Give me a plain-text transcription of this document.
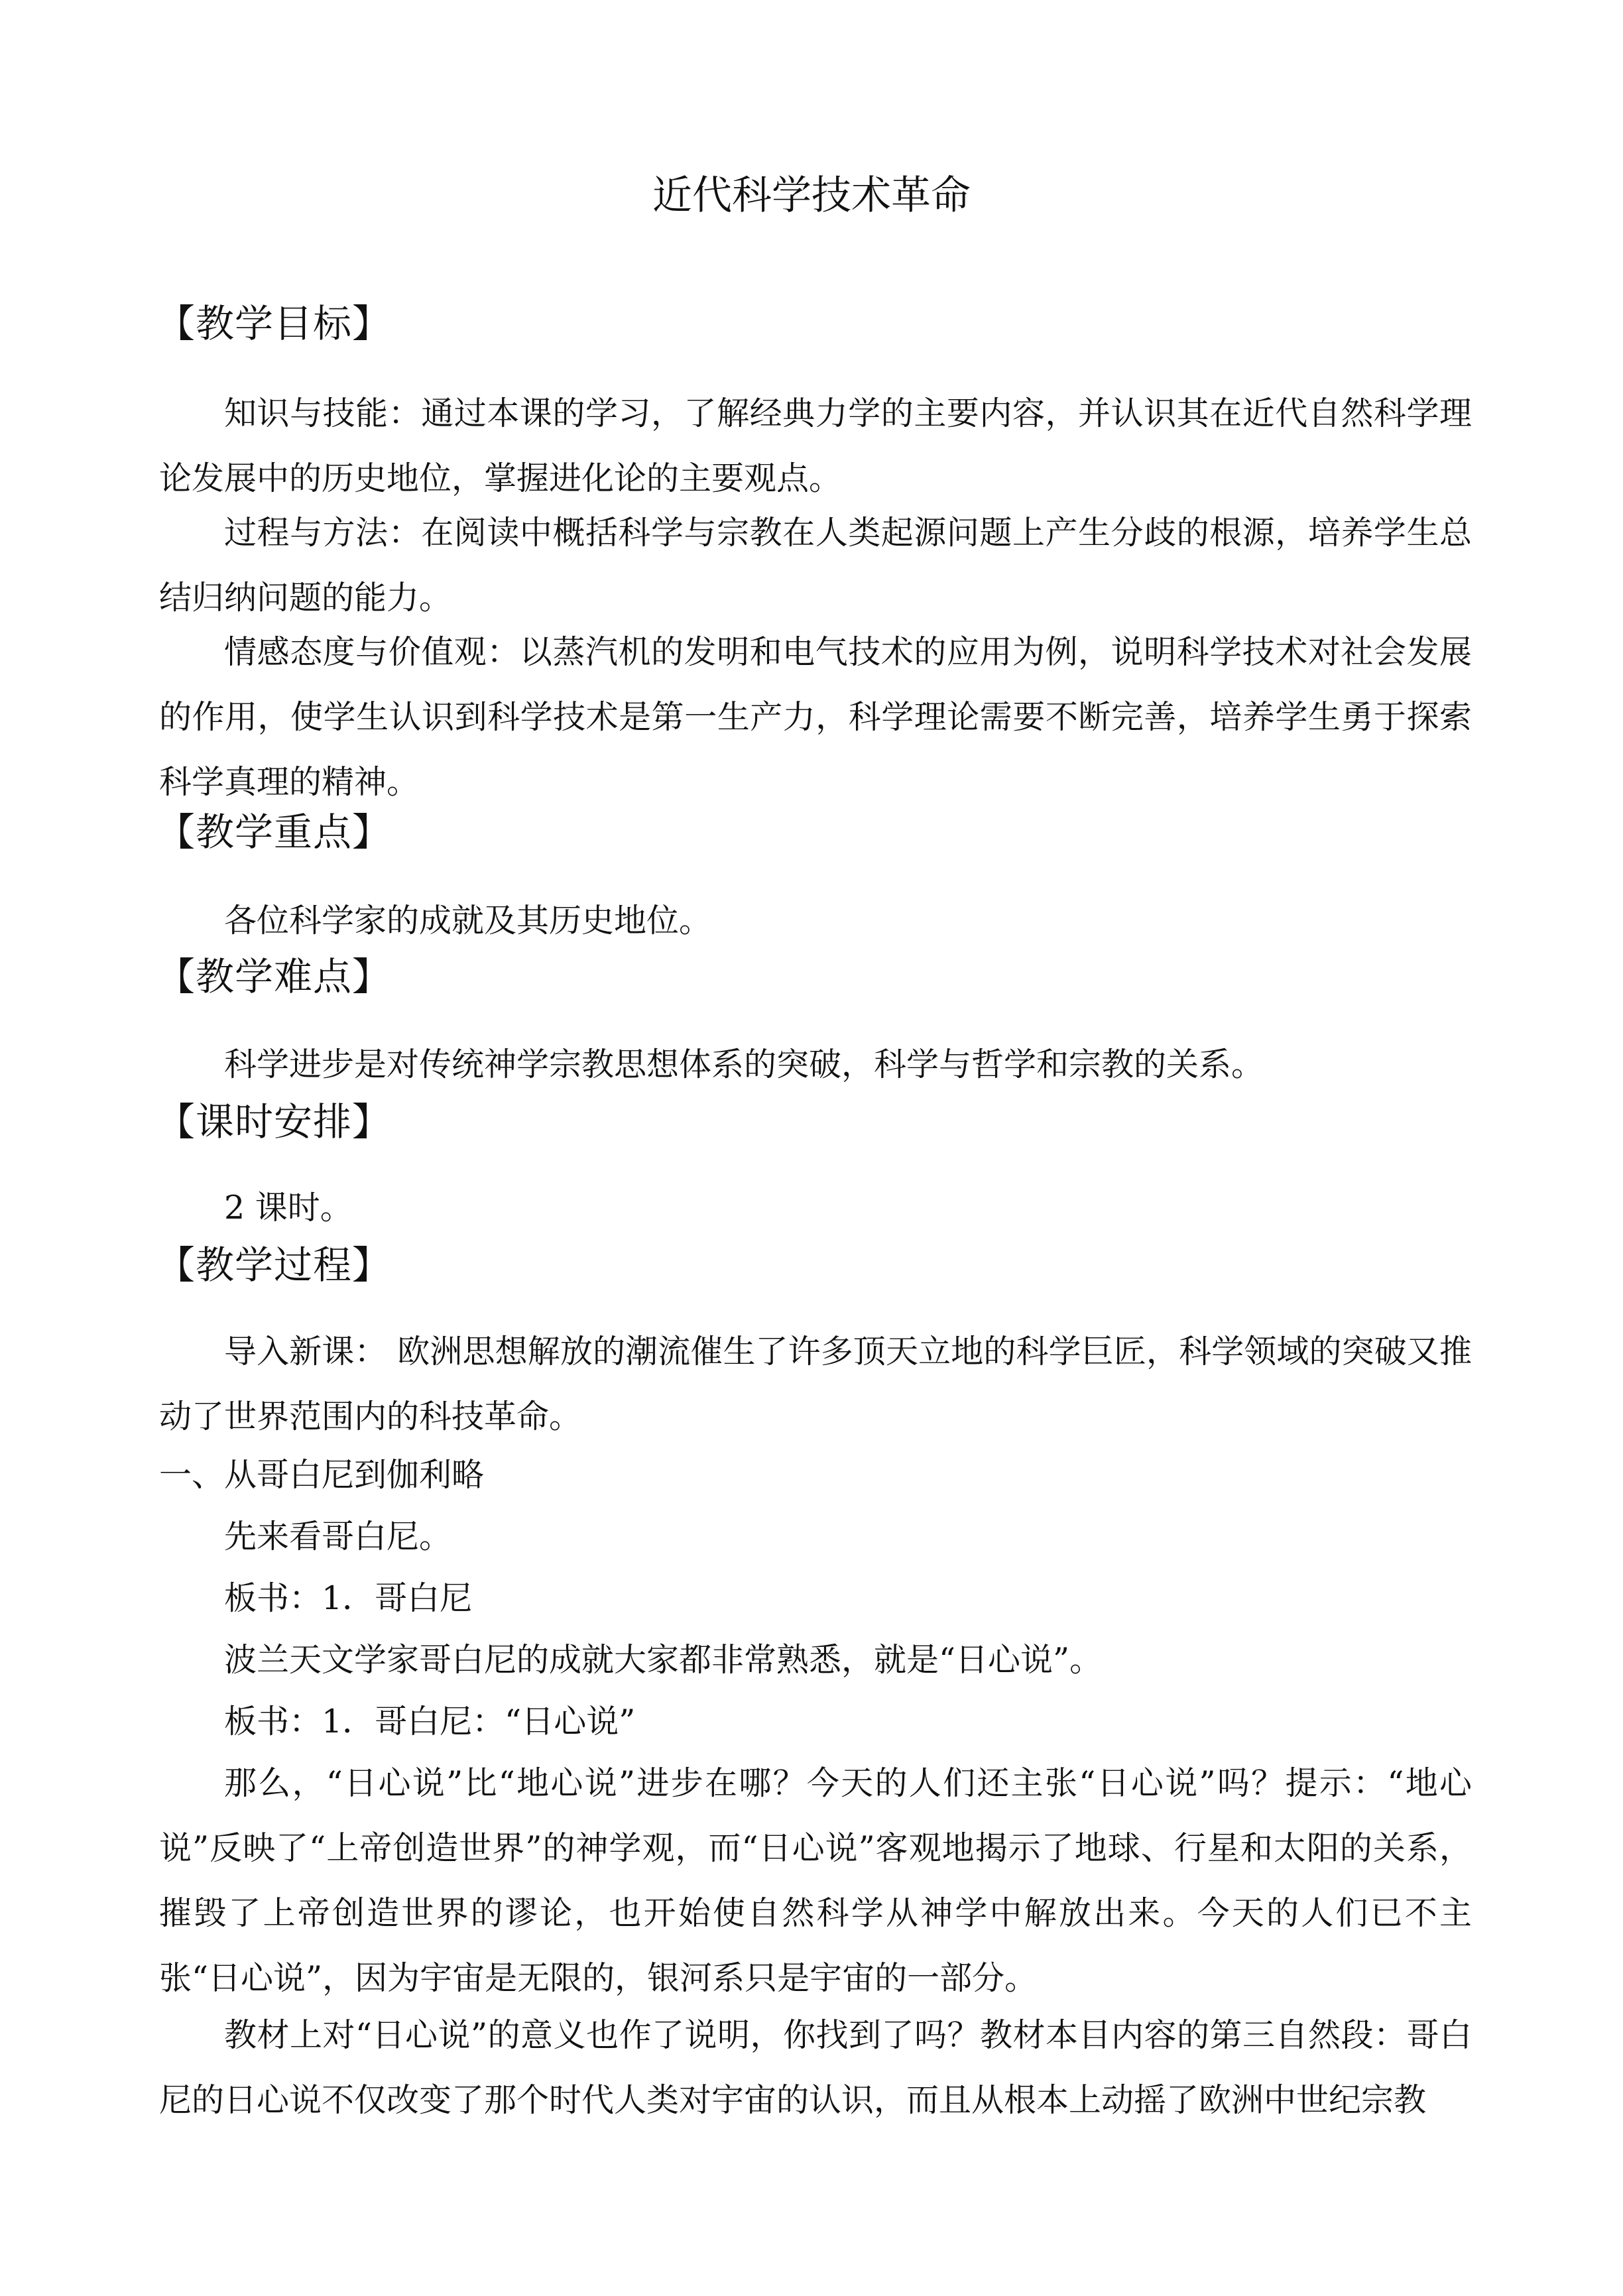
近代科学技术革命
【教学目标】

知识与技能：通过本课的学习，了解经典力学的主要内容，并认识其在近代自然科学理论发展中的历史地位，掌握进化论的主要观点。

过程与方法：在阅读中概括科学与宗教在人类起源问题上产生分歧的根源，培养学生总结归纳问题的能力。

情感态度与价值观：以蒸汽机的发明和电气技术的应用为例，说明科学技术对社会发展的作用，使学生认识到科学技术是第一生产力，科学理论需要不断完善，培养学生勇于探索科学真理的精神。

【教学重点】

各位科学家的成就及其历史地位。

【教学难点】

科学进步是对传统神学宗教思想体系的突破，科学与哲学和宗教的关系。

【课时安排】

2 课时。

【教学过程】

导入新课： 欧洲思想解放的潮流催生了许多顶天立地的科学巨匠，科学领域的突破又推动了世界范围内的科技革命。

一、从哥白尼到伽利略

先来看哥白尼。

板书：1．哥白尼

波兰天文学家哥白尼的成就大家都非常熟悉，就是“日心说”。

板书：1．哥白尼：“日心说”

那么，“日心说”比“地心说”进步在哪？今天的人们还主张“日心说”吗？提示：“地心说”反映了“上帝创造世界”的神学观，而“日心说”客观地揭示了地球、行星和太阳的关系，摧毁了上帝创造世界的谬论，也开始使自然科学从神学中解放出来。今天的人们已不主张“日心说”，因为宇宙是无限的，银河系只是宇宙的一部分。

教材上对“日心说”的意义也作了说明，你找到了吗？教材本目内容的第三自然段：哥白尼的日心说不仅改变了那个时代人类对宇宙的认识，而且从根本上动摇了欧洲中世纪宗教
